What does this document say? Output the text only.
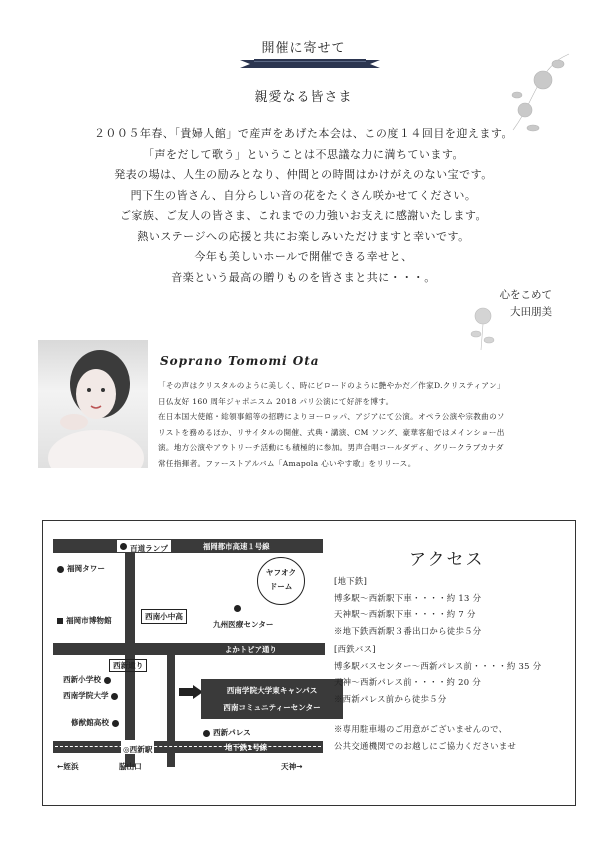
開催に寄せて
親愛なる皆さま
２００５年春、「貴婦人館」で産声をあげた本会は、この度１４回目を迎えます。
「声をだして歌う」ということは不思議な力に満ちています。
発表の場は、人生の励みとなり、仲間との時間はかけがえのない宝です。
門下生の皆さん、自分らしい音の花をたくさん咲かせてください。
ご家族、ご友人の皆さま、これまでの力強いお支えに感謝いたします。
熱いステージへの応援と共にお楽しみいただけますと幸いです。
今年も美しいホールで開催できる幸せと、
音楽という最高の贈りものを皆さまと共に・・・。
心をこめて
大田朋美
Soprano Tomomi Ota
「その声はクリスタルのように美しく、時にビロードのように艶やかだ／作家D.クリスティアン」
日仏友好 160 周年ジャポニスム 2018 パリ公演にて好評を博す。
在日本国大使館・総領事館等の招聘によりヨーロッパ、アジアにて公演。オペラ公演や宗教曲のソ
リストを務めるほか、リサイタルの開催、式典・講演、CM ソング、豪華客船ではメインショー出
演。地方公演やアウトリーチ活動にも積極的に参加。男声合唱コールダディ、グリークラブカナダ
常任指揮者。ファーストアルバム「Amapola 心いやす歌」をリリース。
百道ランプ	福岡都市高速１号線
福岡タワー	ヤフオク
ドーム
福岡市博物館	西南小中高
九州医療センター
よかトピア通り
西新通り
西新小学校
西南学院大学
西南学院大学東キャンパス
西南コミュニティーセンター
修猷館高校
西新パレス
◎西新駅	地下鉄1号線
←姪浜	脇山口	天神→
アクセス
[地下鉄]
博多駅～西新駅下車・・・・約 13 分
天神駅～西新駅下車・・・・約 7 分
※地下鉄西新駅３番出口から徒歩５分
[西鉄バス]
博多駅バスセンター～西新パレス前・・・・約 35 分
天神～西新パレス前・・・・約 20 分
※西新パレス前から徒歩５分
※専用駐車場のご用意がございませんので、
公共交通機関でのお越しにご協力くださいませ
